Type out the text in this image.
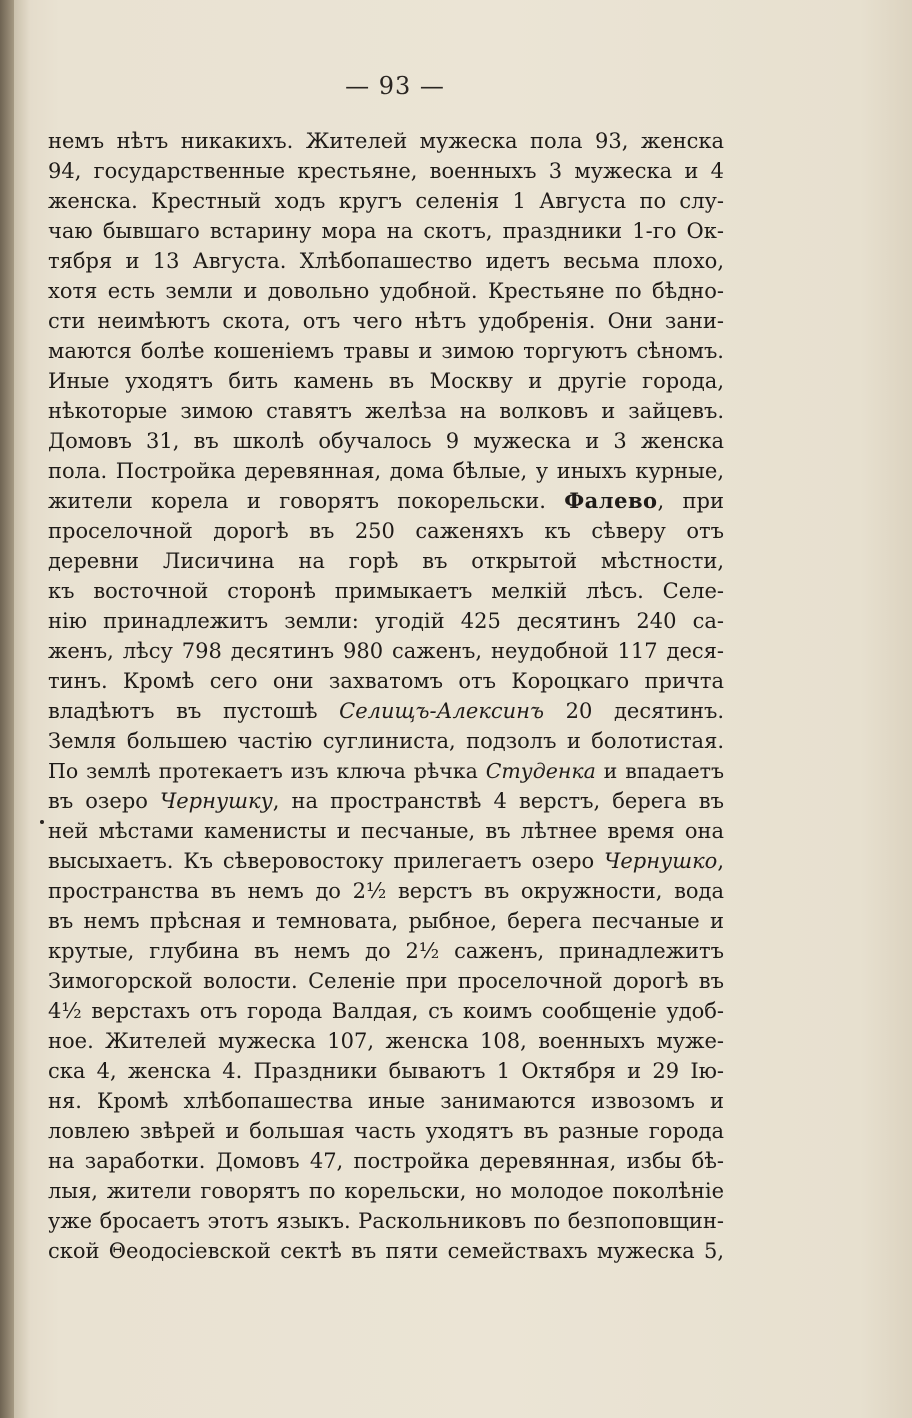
— 93 —
немъ нѣтъ никакихъ. Жителей мужеска пола 93, женска
94, государственные крестьяне, военныхъ 3 мужеска и 4
женска. Крестный ходъ кругъ селенія 1 Августа по слу-
чаю бывшаго встарину мора на скотъ, праздники 1-го Ок-
тября и 13 Августа. Хлѣбопашество идетъ весьма плохо,
хотя есть земли и довольно удобной. Крестьяне по бѣдно-
сти неимѣютъ скота, отъ чего нѣтъ удобренія. Они зани-
маются болѣе кошеніемъ травы и зимою торгуютъ сѣномъ.
Иные уходятъ бить камень въ Москву и другіе города,
нѣкоторые зимою ставятъ желѣза на волковъ и зайцевъ.
Домовъ 31, въ школѣ обучалось 9 мужеска и 3 женска
пола. Постройка деревянная, дома бѣлые, у иныхъ курные,
жители корела и говорятъ покорельски. Фалево, при
проселочной дорогѣ въ 250 саженяхъ къ сѣверу отъ
деревни Лисичина на горѣ въ открытой мѣстности,
къ восточной сторонѣ примыкаетъ мелкій лѣсъ. Селе-
нію принадлежитъ земли: угодій 425 десятинъ 240 са-
женъ, лѣсу 798 десятинъ 980 саженъ, неудобной 117 деся-
тинъ. Кромѣ сего они захватомъ отъ Короцкаго причта
владѣютъ въ пустошѣ Селищъ-Алексинъ 20 десятинъ.
Земля большею частію суглиниста, подзолъ и болотистая.
По землѣ протекаетъ изъ ключа рѣчка Студенка и впадаетъ
въ озеро Чернушку, на пространствѣ 4 верстъ, берега въ
ней мѣстами каменисты и песчаные, въ лѣтнее время она
высыхаетъ. Къ сѣверовостоку прилегаетъ озеро Чернушко,
пространства въ немъ до 2½ верстъ въ окружности, вода
въ немъ прѣсная и темновата, рыбное, берега песчаные и
крутые, глубина въ немъ до 2½ саженъ, принадлежитъ
Зимогорской волости. Селеніе при проселочной дорогѣ въ
4½ верстахъ отъ города Валдая, съ коимъ сообщеніе удоб-
ное. Жителей мужеска 107, женска 108, военныхъ муже-
ска 4, женска 4. Праздники бываютъ 1 Октября и 29 Ію-
ня. Кромѣ хлѣбопашества иные занимаются извозомъ и
ловлею звѣрей и большая часть уходятъ въ разные города
на заработки. Домовъ 47, постройка деревянная, избы бѣ-
лыя, жители говорятъ по корельски, но молодое поколѣніе
уже бросаетъ этотъ языкъ. Раскольниковъ по безпоповщин-
ской Θеодосіевской сектѣ въ пяти семействахъ мужеска 5,
